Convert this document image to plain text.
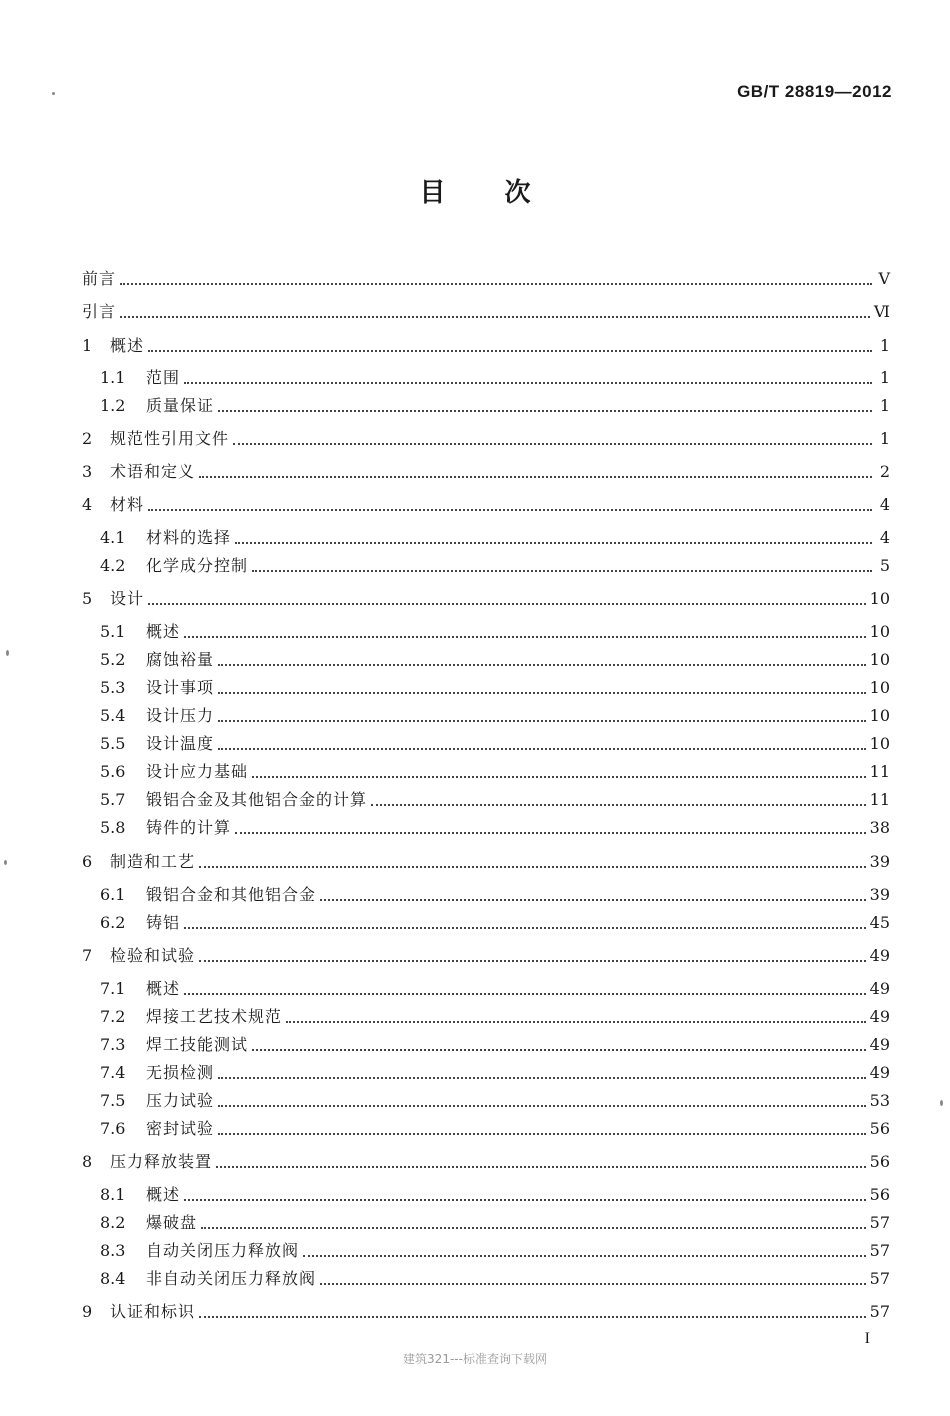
GB/T 28819—2012
目 次
前言	Ⅴ
引言	Ⅵ
1	概述	1
1.1	范围	1
1.2	质量保证	1
2	规范性引用文件	1
3	术语和定义	2
4	材料	4
4.1	材料的选择	4
4.2	化学成分控制	5
5	设计	10
5.1	概述	10
5.2	腐蚀裕量	10
5.3	设计事项	10
5.4	设计压力	10
5.5	设计温度	10
5.6	设计应力基础	11
5.7	锻铝合金及其他铝合金的计算	11
5.8	铸件的计算	38
6	制造和工艺	39
6.1	锻铝合金和其他铝合金	39
6.2	铸铝	45
7	检验和试验	49
7.1	概述	49
7.2	焊接工艺技术规范	49
7.3	焊工技能测试	49
7.4	无损检测	49
7.5	压力试验	53
7.6	密封试验	56
8	压力释放装置	56
8.1	概述	56
8.2	爆破盘	57
8.3	自动关闭压力释放阀	57
8.4	非自动关闭压力释放阀	57
9	认证和标识	57
I
建筑321---标准查询下载网
